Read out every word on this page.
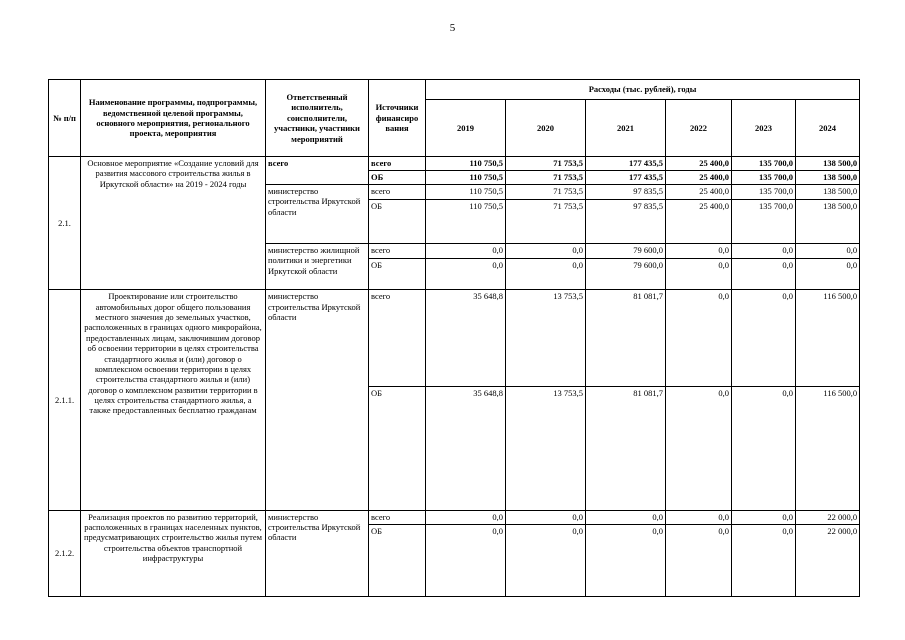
5
№ п/п	Наименование программы, подпрограммы, ведомственной целевой программы, основного мероприятия, регионального проекта, мероприятия	Ответственный исполнитель, соисполнители, участники, участники мероприятий	Источники финансиро вания	Расходы (тыс. рублей), годы					
				2019	2020	2021	2022	2023	2024
2.1.	Основное мероприятие «Создание условий для развития массового строительства жилья в Иркутской области» на 2019 - 2024 годы	всего	всего	110 750,5	71 753,5	177 435,5	25 400,0	135 700,0	138 500,0
			ОБ	110 750,5	71 753,5	177 435,5	25 400,0	135 700,0	138 500,0
		министерство строительства Иркутской области	всего	110 750,5	71 753,5	97 835,5	25 400,0	135 700,0	138 500,0
			ОБ	110 750,5	71 753,5	97 835,5	25 400,0	135 700,0	138 500,0
		министерство жилищной политики и энергетики Иркутской области	всего	0,0	0,0	79 600,0	0,0	0,0	0,0
			ОБ	0,0	0,0	79 600,0	0,0	0,0	0,0

2.1.1.	Проектирование или строительство автомобильных дорог общего пользования местного значения до земельных участков, расположенных в границах одного микрорайона, предоставленных лицам, заключившим договор об освоении территории в целях строительства стандартного жилья и (или) договор о комплексном освоении территории в целях строительства стандартного жилья и (или) договор о комплексном развитии территории в целях строительства стандартного жилья, а также предоставленных бесплатно гражданам	министерство строительства Иркутской области	всего	35 648,8	13 753,5	81 081,7	0,0	0,0	116 500,0
			ОБ	35 648,8	13 753,5	81 081,7	0,0	0,0	116 500,0
2.1.2.	Реализация проектов по развитию территорий, расположенных в границах населенных пунктов, предусматривающих строительство жилья путем строительства объектов транспортной инфраструктуры	министерство строительства Иркутской области	всего	0,0	0,0	0,0	0,0	0,0	22 000,0
			ОБ	0,0	0,0	0,0	0,0	0,0	22 000,0
